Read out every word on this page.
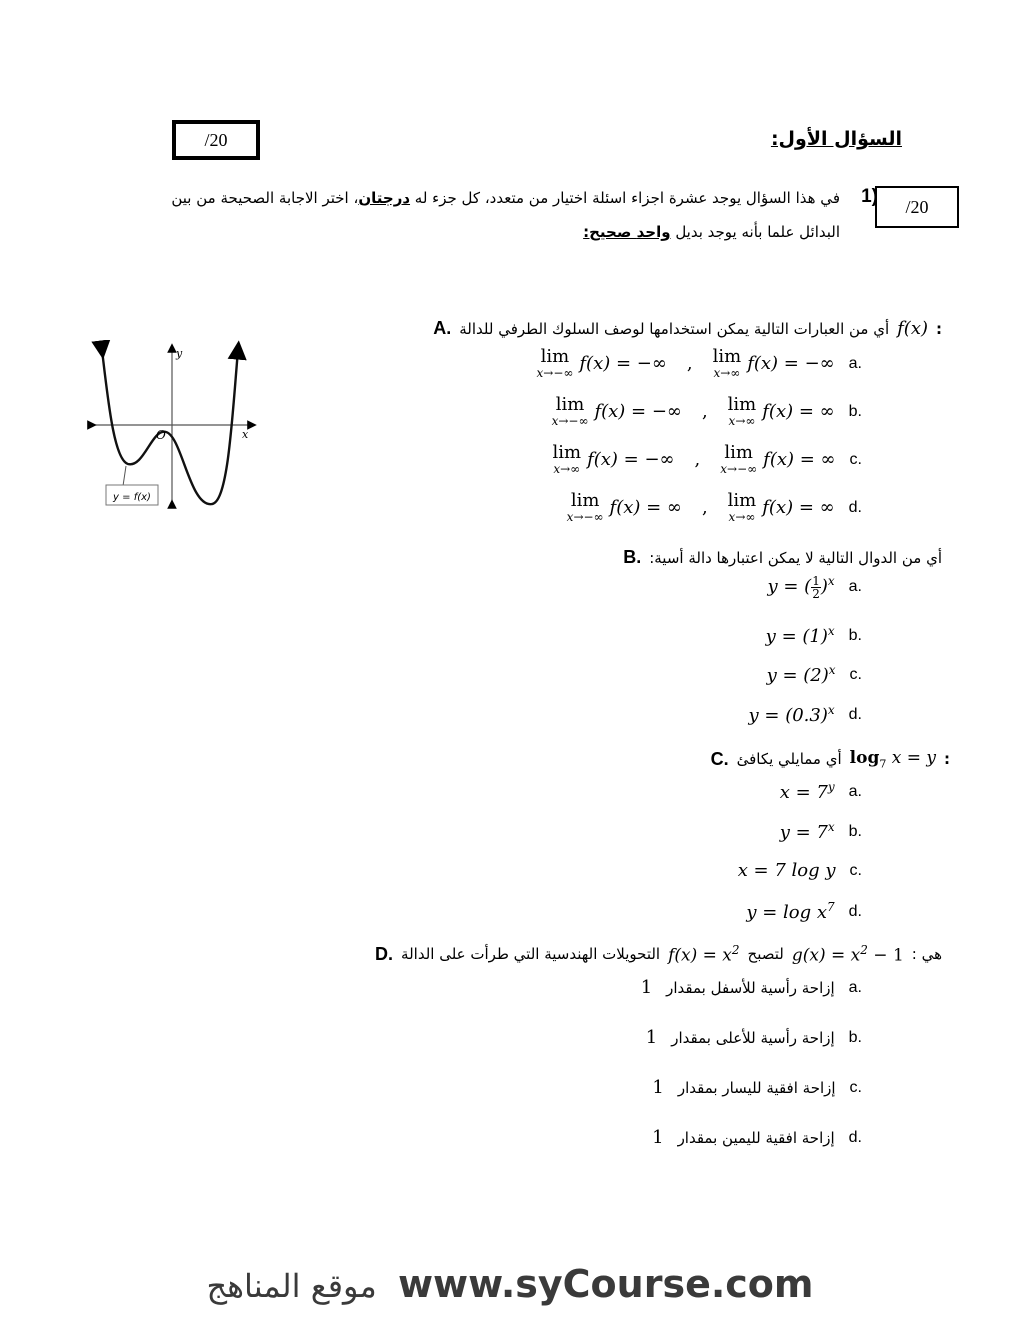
/20	السؤال الأول:
/20
1)
في هذا السؤال يوجد عشرة اجزاء اسئلة اختيار من متعدد، كل جزء له درجتان، اختر الاجابة الصحيحة من بين
البدائل علما بأنه يوجد بديل واحد صحيح:
A. أي من العبارات التالية يمكن استخدامها لوصف السلوك الطرفي للدالة f(x) :
y
x
O
y = f(x)
B. أي من الدوال التالية لا يمكن اعتبارها دالة أسية:
C. أي ممايلي يكافئ $\log_7 x = y$ :
D. التحويلات الهندسية التي طرأت على الدالة $f(x) = x^2$ لتصبح $g(x) = x^2 - 1$ هي :
موقع المناهج www.syCourse.com
a.
lim
x→−∞ f(x) = −∞ , lim
x→∞ f(x) = −∞
b.
lim
x→−∞ f(x) = −∞ , lim
x→∞ f(x) = ∞
c.
lim
x→∞ f(x) = −∞ , lim
x→−∞ f(x) = ∞
d.
lim
x→−∞ f(x) = ∞ , lim
x→∞ f(x) = ∞
a.
y = ( $\frac{1}{2} )^x$
b.
$y = (1)^x$
c.
$y = (2)^x$
d.
$y = (0.3)^x$
a.
$x = 7^y$
b.
$y = 7^x$
c.
x = 7 log y
d.
$y = \log x^7$
a.
إزاحة رأسية للأسفل بمقدار
1
b.
إزاحة رأسية للأعلى بمقدار
1
c.
إزاحة افقية لليسار بمقدار
1
d.
إزاحة افقية لليمين بمقدار
1
